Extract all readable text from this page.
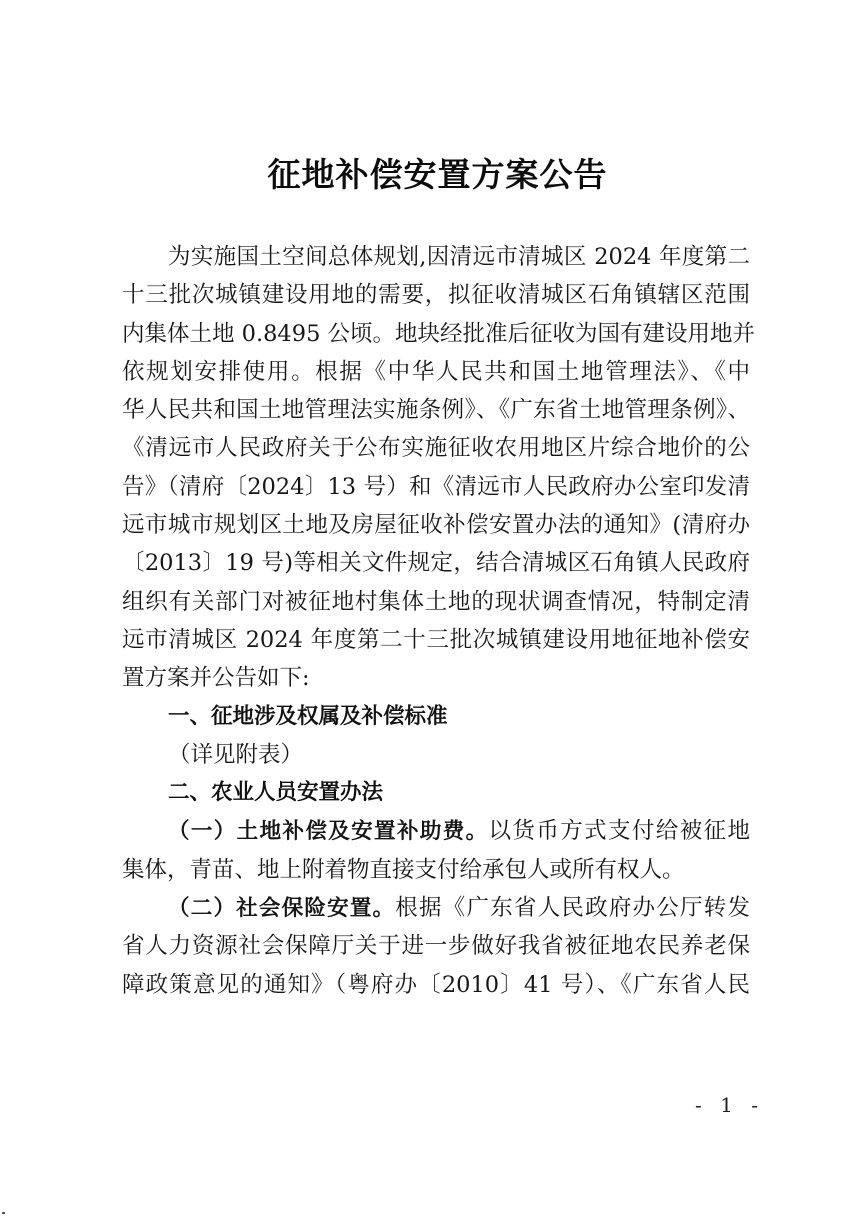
征地补偿安置方案公告
为实施国土空间总体规划,因清远市清城区 2024 年度第二
十三批次城镇建设用地的需要，拟征收清城区石角镇辖区范围
内集体土地 0.8495 公顷。地块经批准后征收为国有建设用地并
依规划安排使用。根据《中华人民共和国土地管理法》、《中
华人民共和国土地管理法实施条例》、《广东省土地管理条例》、
《清远市人民政府关于公布实施征收农用地区片综合地价的公
告》（清府〔2024〕13 号）和《清远市人民政府办公室印发清
远市城市规划区土地及房屋征收补偿安置办法的通知》(清府办
〔2013〕19 号)等相关文件规定，结合清城区石角镇人民政府
组织有关部门对被征地村集体土地的现状调查情况，特制定清
远市清城区 2024 年度第二十三批次城镇建设用地征地补偿安
置方案并公告如下:
一、征地涉及权属及补偿标准
（详见附表）
二、农业人员安置办法
（一）土地补偿及安置补助费。以货币方式支付给被征地
集体，青苗、地上附着物直接支付给承包人或所有权人。
（二）社会保险安置。根据《广东省人民政府办公厅转发
省人力资源社会保障厅关于进一步做好我省被征地农民养老保
障政策意见的通知》（粤府办〔2010〕41 号）、《广东省人民
- 1 -
